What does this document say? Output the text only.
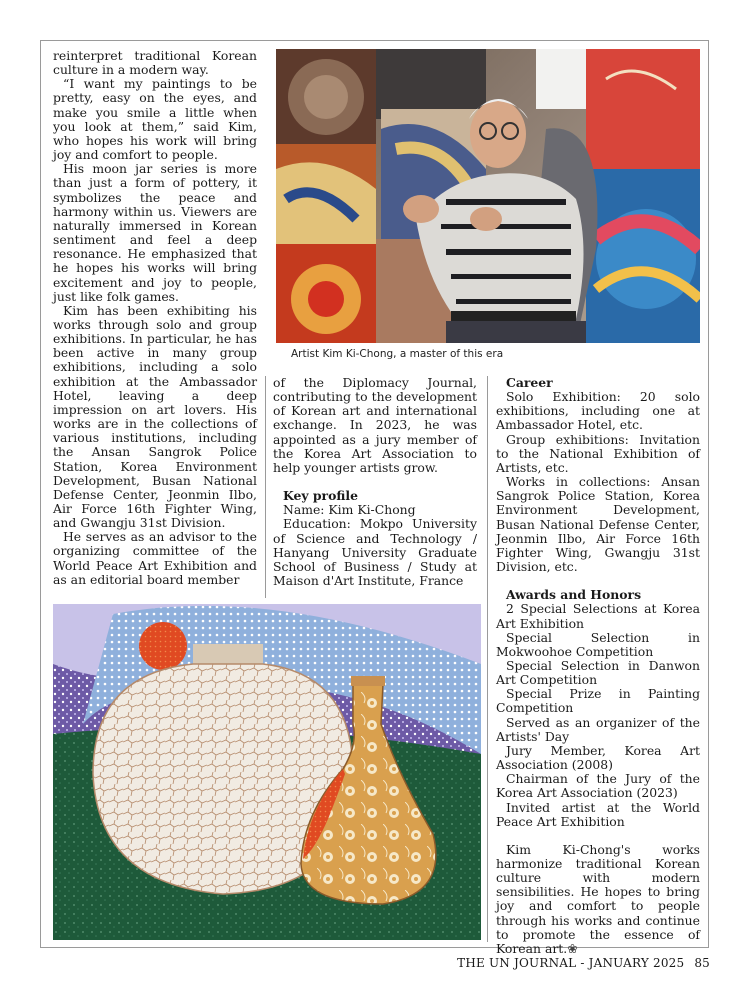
reinterpret traditional Korean culture in a modern way.

“I want my paintings to be pretty, easy on the eyes, and make you smile a little when you look at them,” said Kim, who hopes his work will bring joy and comfort to people.

His moon jar series is more than just a form of pottery, it symbolizes the peace and harmony within us. Viewers are naturally immersed in Korean sentiment and feel a deep resonance. He emphasized that he hopes his works will bring excitement and joy to people, just like folk games.

Kim has been exhibiting his works through solo and group exhibitions. In particular, he has been active in many group exhibitions, including a solo exhibition at the Ambassador Hotel, leaving a deep impression on art lovers. His works are in the collections of various institutions, including the Ansan Sangrok Police Station, Korea Environment Development, Busan National Defense Center, Jeonmin Ilbo, Air Force 16th Fighter Wing, and Gwangju 31st Division.

He serves as an advisor to the organizing committee of the World Peace Art Exhibition and as an editorial board member

Artist Kim Ki-Chong, a master of this era

of the Diplomacy Journal, contributing to the development of Korean art and international exchange. In 2023, he was appointed as a jury member of the Korea Art Association to help younger artists grow.

Key profile
Name: Kim Ki-Chong
Education: Mokpo University of Science and Technology / Hanyang University Graduate School of Business / Study at Maison d'Art Institute, France
Career
Solo Exhibition: 20 solo exhibitions, including one at Ambassador Hotel, etc.
Group exhibitions: Invitation to the National Exhibition of Artists, etc.
Works in collections: Ansan Sangrok Police Station, Korea Environment Development, Busan National Defense Center, Jeonmin Ilbo, Air Force 16th Fighter Wing, Gwangju 31st Division, etc.
Awards and Honors
2 Special Selections at Korea Art Exhibition
Special Selection in Mokwoohoe Competition
Special Selection in Danwon Art Competition
Special Prize in Painting Competition
Served as an organizer of the Artists' Day
Jury Member, Korea Art Association (2008)
Chairman of the Jury of the Korea Art Association (2023)
Invited artist at the World Peace Art Exhibition

Kim Ki-Chong's works harmonize traditional Korean culture with modern sensibilities. He hopes to bring joy and comfort to people through his works and continue to promote the essence of Korean art.❀

THE UN JOURNAL - JANUARY 2025 85
